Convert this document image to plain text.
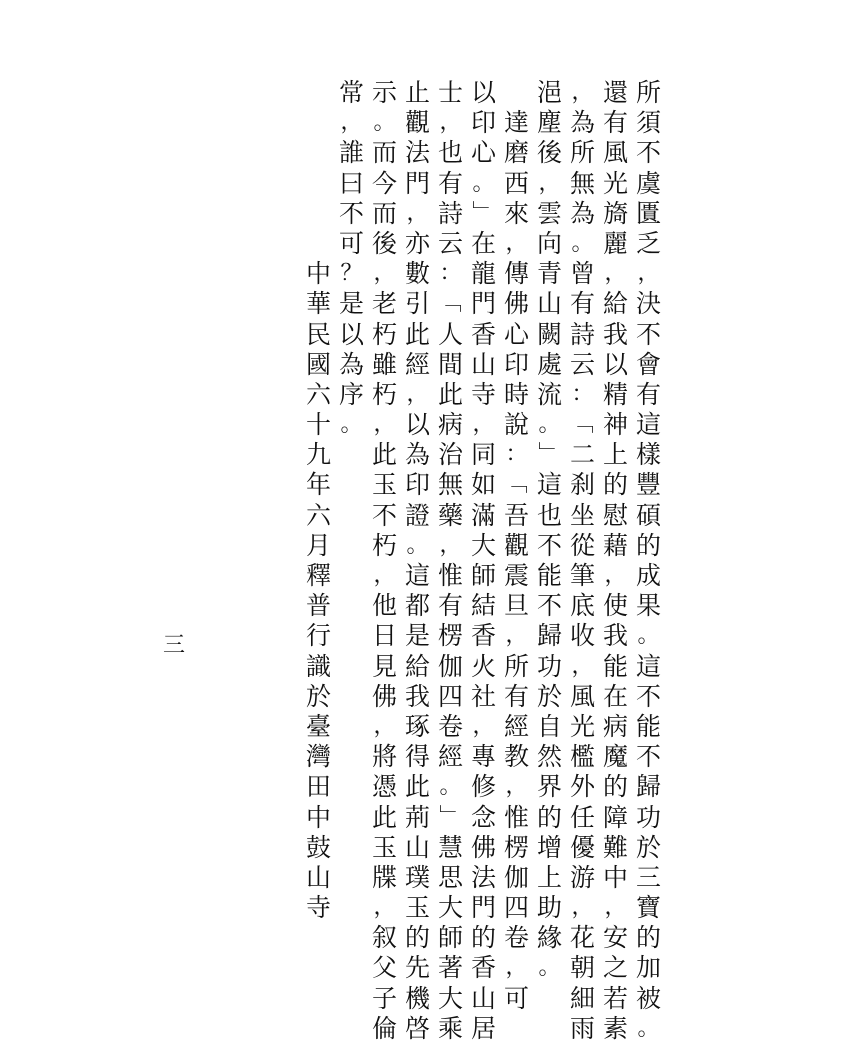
所
須
不
虞
匱
乏
，
決
不
會
有
這
樣
豐
碩
的
成
果
。
這
不
能
不
歸
功
於
三
寶
的
加
被
。
還
有
風
光
旖
麗
，
給
我
以
精
神
上
的
慰
藉
，
使
我
能
在
病
魔
的
障
難
中
，
安
之
若
素
，
為
所
無
為
。
曾
有
詩
云
：
﹁
二
刹
坐
從
筆
底
收
，
風
光
檻
外
任
優
游
，
花
朝
細
雨
浥
塵
後
，
雲
向
青
山
闕
處
流
。
﹂
這
也
不
能
不
歸
功
於
自
然
界
的
增
上
助
緣
。

達
磨
西
來
，
傳
佛
心
印
時
說
：
﹁
吾
觀
震
旦
，
所
有
經
教
，
惟
楞
伽
四
卷
，
可
以
印
心
。
﹂
在
龍
門
香
山
寺
，
同
如
滿
大
師
結
香
火
社
，
專
修
念
佛
法
門
的
香
山
居
士
，
也
有
詩
云
：
﹁
人
間
此
病
治
無
藥
，
惟
有
楞
伽
四
卷
經
。
﹂
慧
思
大
師
著
大
乘
止
觀
法
門
，
亦
數
引
此
經
，
以
為
印
證
。
這
都
是
給
我
琢
得
此
荊
山
璞
玉
的
先
機
啓
示
。
而
今
而
後
，
老
朽
雖
朽
，
此
玉
不
朽
，
他
日
見
佛
，
將
憑
此
玉
牒
，
叙
父
子
倫
常
，
誰
曰
不
可
？
是
以
為
序
。

中
華
民
國
六
十
九
年
六
月
釋
普
行
識
於
臺
灣
田
中
鼓
山
寺
三
